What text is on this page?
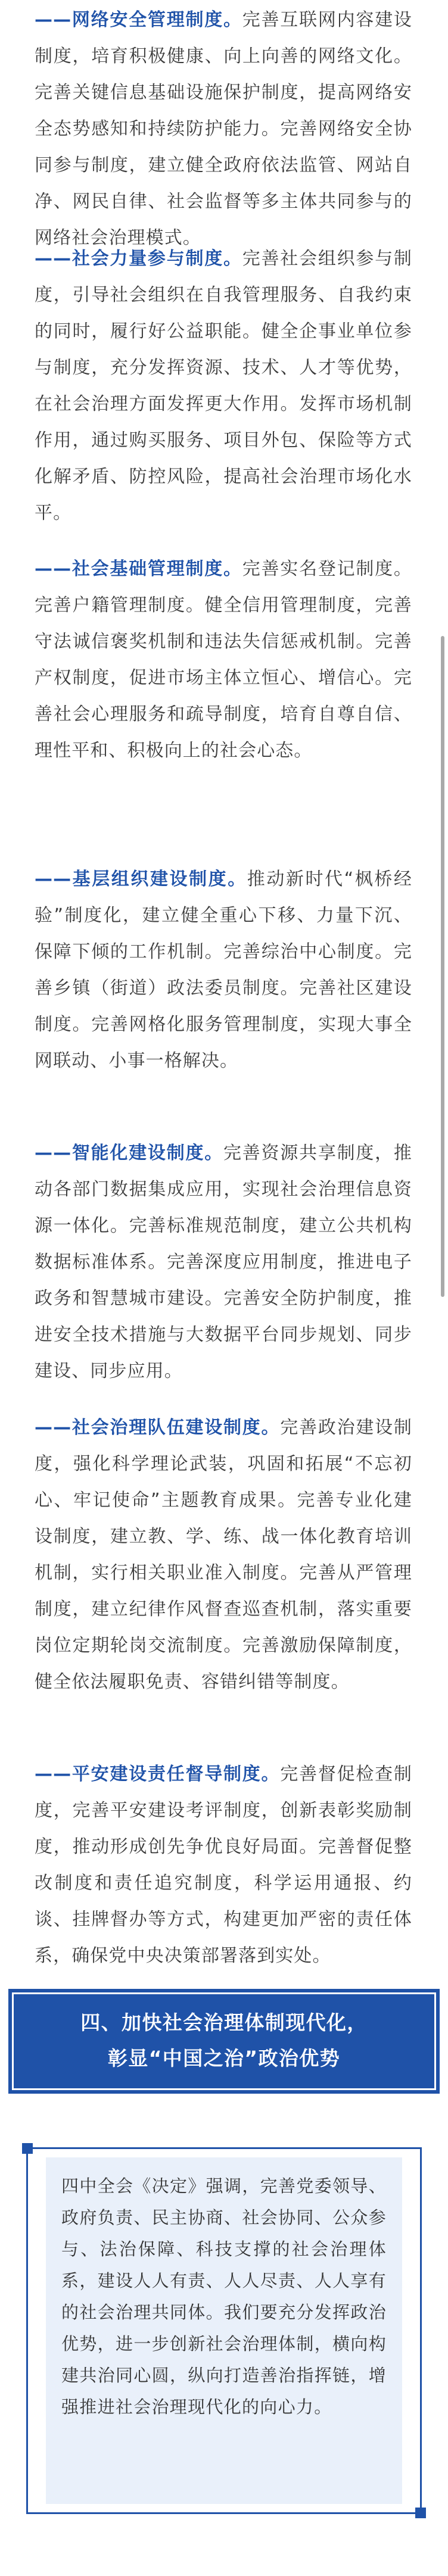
——网络安全管理制度。完善互联网内容建设制度，培育积极健康、向上向善的网络文化。完善关键信息基础设施保护制度，提高网络安全态势感知和持续防护能力。完善网络安全协同参与制度，建立健全政府依法监管、网站自净、网民自律、社会监督等多主体共同参与的网络社会治理模式。

——社会力量参与制度。完善社会组织参与制度，引导社会组织在自我管理服务、自我约束的同时，履行好公益职能。健全企事业单位参与制度，充分发挥资源、技术、人才等优势，在社会治理方面发挥更大作用。发挥市场机制作用，通过购买服务、项目外包、保险等方式化解矛盾、防控风险，提高社会治理市场化水平。

——社会基础管理制度。完善实名登记制度。完善户籍管理制度。健全信用管理制度，完善守法诚信褒奖机制和违法失信惩戒机制。完善产权制度，促进市场主体立恒心、增信心。完善社会心理服务和疏导制度，培育自尊自信、理性平和、积极向上的社会心态。

——基层组织建设制度。推动新时代“枫桥经验”制度化，建立健全重心下移、力量下沉、保障下倾的工作机制。完善综治中心制度。完善乡镇（街道）政法委员制度。完善社区建设制度。完善网格化服务管理制度，实现大事全网联动、小事一格解决。

——智能化建设制度。完善资源共享制度，推动各部门数据集成应用，实现社会治理信息资源一体化。完善标准规范制度，建立公共机构数据标准体系。完善深度应用制度，推进电子政务和智慧城市建设。完善安全防护制度，推进安全技术措施与大数据平台同步规划、同步建设、同步应用。

——社会治理队伍建设制度。完善政治建设制度，强化科学理论武装，巩固和拓展“不忘初心、牢记使命”主题教育成果。完善专业化建设制度，建立教、学、练、战一体化教育培训机制，实行相关职业准入制度。完善从严管理制度，建立纪律作风督查巡查机制，落实重要岗位定期轮岗交流制度。完善激励保障制度，健全依法履职免责、容错纠错等制度。

——平安建设责任督导制度。完善督促检查制度，完善平安建设考评制度，创新表彰奖励制度，推动形成创先争优良好局面。完善督促整改制度和责任追究制度，科学运用通报、约谈、挂牌督办等方式，构建更加严密的责任体系，确保党中央决策部署落到实处。

四、加快社会治理体制现代化，
彰显“中国之治”政治优势

四中全会《决定》强调，完善党委领导、政府负责、民主协商、社会协同、公众参与、法治保障、科技支撑的社会治理体系，建设人人有责、人人尽责、人人享有的社会治理共同体。我们要充分发挥政治优势，进一步创新社会治理体制，横向构建共治同心圆，纵向打造善治指挥链，增强推进社会治理现代化的向心力。
